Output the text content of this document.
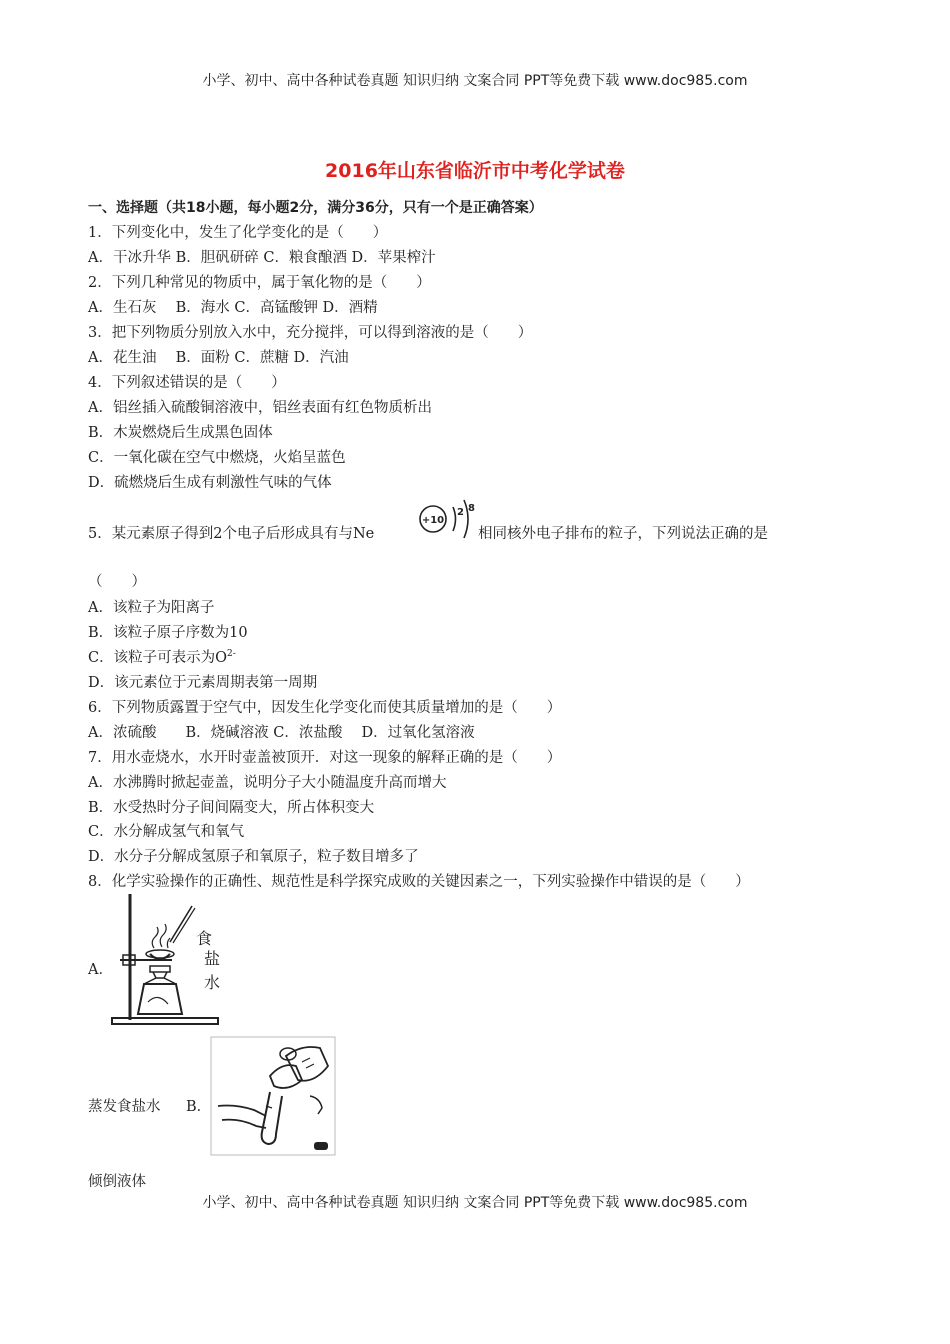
小学、初中、高中各种试卷真题 知识归纳 文案合同 PPT等免费下载 www.doc985.com
2016年山东省临沂市中考化学试卷
一、选择题（共18小题，每小题2分，满分36分，只有一个是正确答案）
1．下列变化中，发生了化学变化的是（　　）
A．干冰升华 B．胆矾研碎 C．粮食酿酒 D．苹果榨汁
2．下列几种常见的物质中，属于氧化物的是（　　）
A．生石灰　 B．海水 C．高锰酸钾 D．酒精
3．把下列物质分别放入水中，充分搅拌，可以得到溶液的是（　　）
A．花生油　 B．面粉 C．蔗糖 D．汽油
4．下列叙述错误的是（　　）
A．铝丝插入硫酸铜溶液中，铝丝表面有红色物质析出
B．木炭燃烧后生成黑色固体
C．一氧化碳在空气中燃烧，火焰呈蓝色
D．硫燃烧后生成有刺激性气味的气体
5．某元素原子得到2个电子后形成具有与Ne
+10
2 8
相同核外电子排布的粒子，下列说法正确的是
（　　）
A．该粒子为阳离子
B．该粒子原子序数为10
C．该粒子可表示为$O^{2-}$
D．该元素位于元素周期表第一周期
6．下列物质露置于空气中，因发生化学变化而使其质量增加的是（　　）
A．浓硫酸　　B．烧碱溶液 C．浓盐酸　 D．过氧化氢溶液
7．用水壶烧水，水开时壶盖被顶开．对这一现象的解释正确的是（　　）
A．水沸腾时掀起壶盖，说明分子大小随温度升高而增大
B．水受热时分子间间隔变大，所占体积变大
C．水分解成氢气和氧气
D．水分子分解成氢原子和氧原子，粒子数目增多了
8．化学实验操作的正确性、规范性是科学探究成败的关键因素之一，下列实验操作中错误的是（　　）
A．
食
盐
水
蒸发食盐水 B．
倾倒液体
小学、初中、高中各种试卷真题 知识归纳 文案合同 PPT等免费下载 www.doc985.com
